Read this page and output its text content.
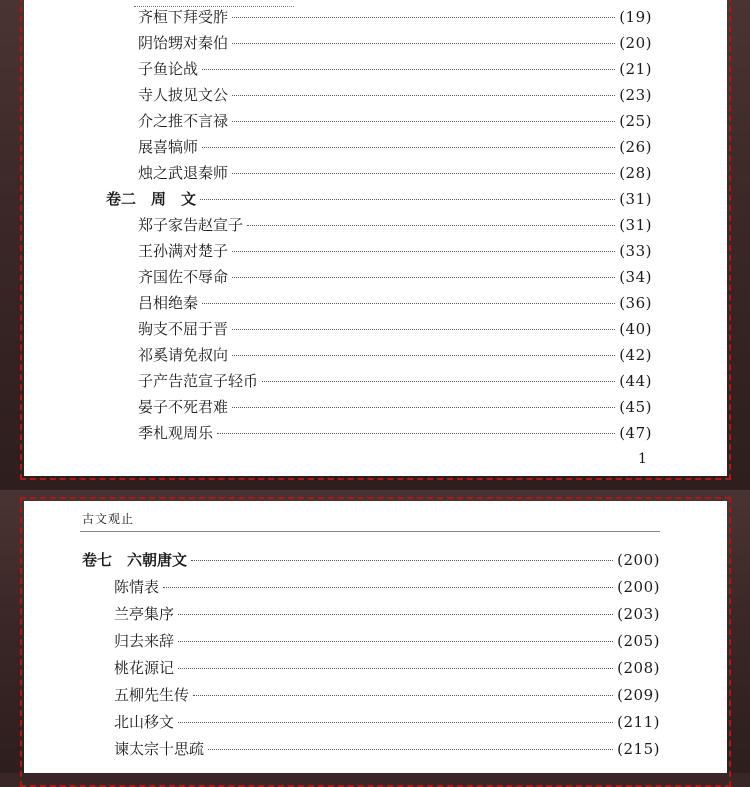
齐桓下拜受胙	(19)
阴饴甥对秦伯	(20)
子鱼论战	(21)
寺人披见文公	(23)
介之推不言禄	(25)
展喜犒师	(26)
烛之武退秦师	(28)
卷二　周　文	(31)
郑子家告赵宣子	(31)
王孙满对楚子	(33)
齐国佐不辱命	(34)
吕相绝秦	(36)
驹支不屈于晋	(40)
祁奚请免叔向	(42)
子产告范宣子轻币	(44)
晏子不死君难	(45)
季札观周乐	(47)
1
古文观止
卷七　六朝唐文	(200)
陈情表	(200)
兰亭集序	(203)
归去来辞	(205)
桃花源记	(208)
五柳先生传	(209)
北山移文	(211)
谏太宗十思疏	(215)
